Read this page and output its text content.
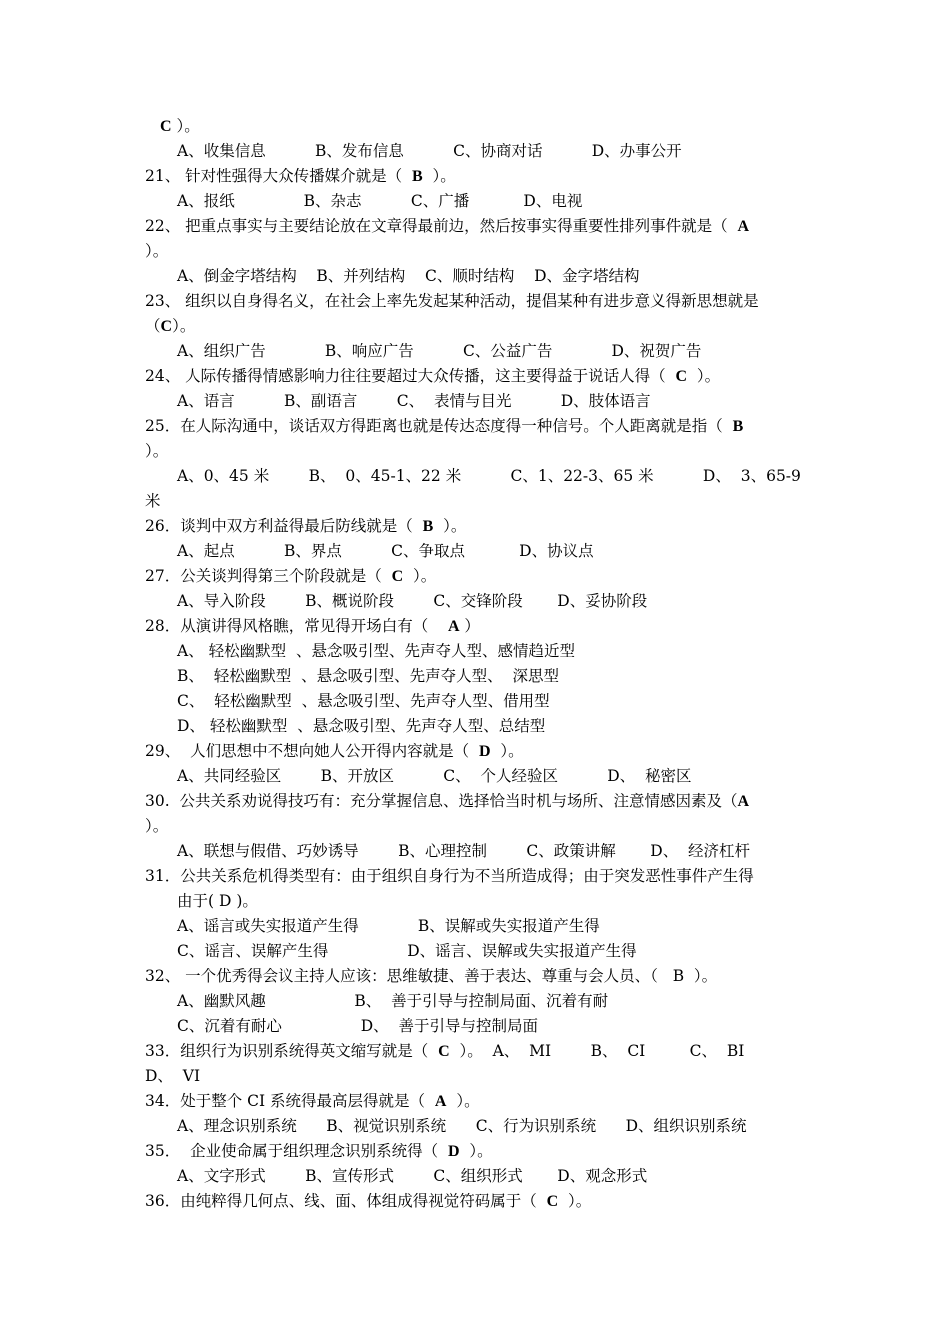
C ）。
A、收集信息          B、发布信息          C、协商对话          D、办事公开
21、 针对性强得大众传播媒介就是（  B  ）。
A、报纸              B、杂志          C、广播           D、电视
22、 把重点事实与主要结论放在文章得最前边，然后按事实得重要性排列事件就是（  A
）。
A、倒金字塔结构    B、并列结构    C、顺时结构    D、金字塔结构
23、 组织以自身得名义，在社会上率先发起某种活动，提倡某种有进步意义得新思想就是
（C）。
A、组织广告            B、响应广告          C、公益广告            D、祝贺广告
24、 人际传播得情感影响力往往要超过大众传播，这主要得益于说话人得（  C  ）。
A、语言          B、副语言        C、  表情与目光          D、肢体语言
25．在人际沟通中，谈话双方得距离也就是传达态度得一种信号。个人距离就是指（  B
）。
A、0、45 米        B、  0、45-1、22 米          C、1、22-3、65 米          D、  3、65-9
米
26．谈判中双方利益得最后防线就是（  B  ）。
A、起点          B、界点          C、争取点           D、协议点
27．公关谈判得第三个阶段就是（  C  ）。
A、导入阶段        B、概说阶段        C、交锋阶段       D、妥协阶段
28．从演讲得风格瞧，常见得开场白有（    A ）
A、 轻松幽默型  、悬念吸引型、先声夺人型、感情趋近型
B、  轻松幽默型  、悬念吸引型、先声夺人型、  深思型
C、  轻松幽默型  、悬念吸引型、先声夺人型、借用型
D、 轻松幽默型  、悬念吸引型、先声夺人型、总结型
29、  人们思想中不想向她人公开得内容就是（  D  ）。
A、共同经验区        B、开放区          C、  个人经验区          D、  秘密区
30.  公共关系劝说得技巧有：充分掌握信息、选择恰当时机与场所、注意情感因素及（A
）。
A、联想与假借、巧妙诱导        B、心理控制        C、政策讲解       D、  经济杠杆
31．公共关系危机得类型有：由于组织自身行为不当所造成得；由于突发恶性事件产生得
由于( D )。
A、谣言或失实报道产生得            B、误解或失实报道产生得
C、谣言、误解产生得                D、谣言、误解或失实报道产生得
32、 一个优秀得会议主持人应该：思维敏捷、善于表达、尊重与会人员、（   B  ）。
A、幽默风趣                  B、  善于引导与控制局面、沉着有耐
C、沉着有耐心                D、  善于引导与控制局面
33．组织行为识别系统得英文缩写就是（  C  ）。  A、  MI        B、  CI         C、  BI
D、  VI
34．处于整个 CI 系统得最高层得就是（  A  ）。
A、理念识别系统      B、视觉识别系统      C、行为识别系统      D、组织识别系统
35．  企业使命属于组织理念识别系统得（  D  ）。
A、文字形式        B、宣传形式        C、组织形式       D、观念形式
36．由纯粹得几何点、线、面、体组成得视觉符码属于（  C  ）。
